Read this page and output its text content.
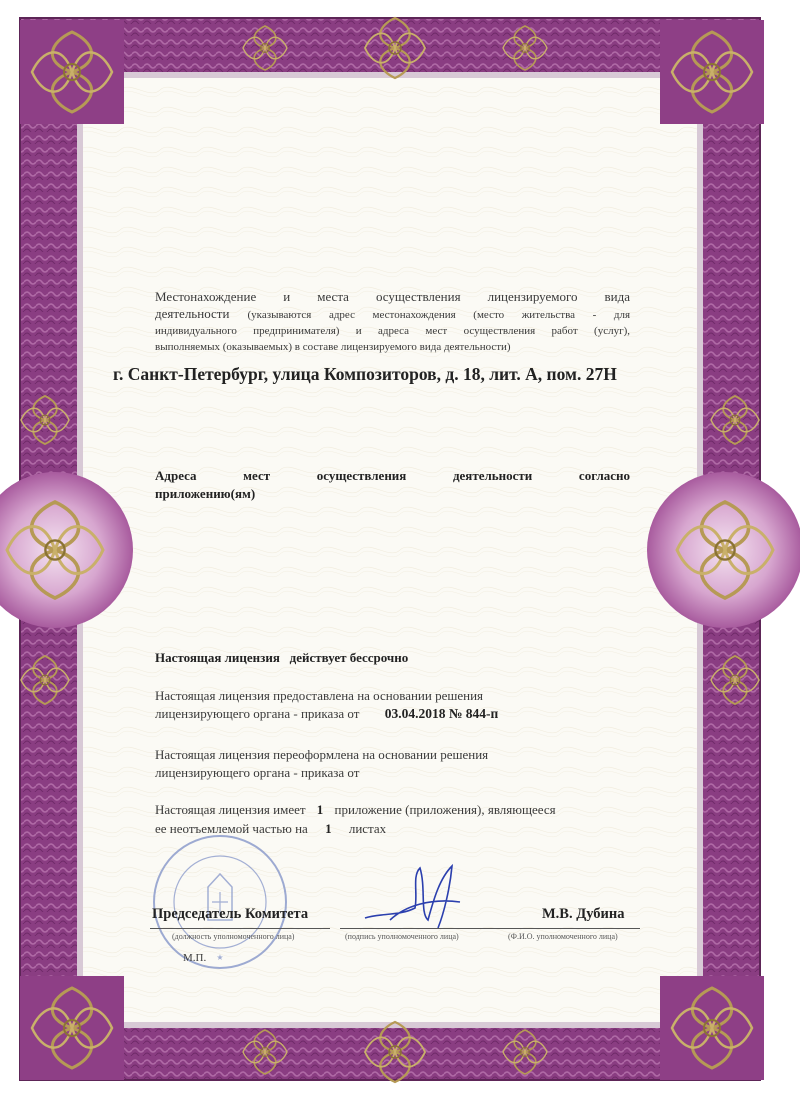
★
Местонахождение и места осуществления лицензируемого вида
деятельности (указываются адрес местонахождения (место жительства - для
индивидуального предпринимателя) и адреса мест осуществления работ (услуг),
выполняемых (оказываемых) в составе лицензируемого вида деятельности)
г. Санкт-Петербург, улица Композиторов, д. 18, лит. А, пом. 27Н
Адреса мест осуществления деятельности согласно
приложению(ям)
Настоящая лицензия действует бессрочно
Настоящая лицензия предоставлена на основании решения
лицензирующего органа - приказа от 03.04.2018 № 844-п
Настоящая лицензия переоформлена на основании решения
лицензирующего органа - приказа от
Настоящая лицензия имеет 1 приложение (приложения), являющееся
ее неотъемлемой частью на 1 листах
Председатель Комитета	М.В. Дубина
(должность уполномоченного лица)	(подпись уполномоченного лица)	(Ф.И.О. уполномоченного лица)
М.П.
